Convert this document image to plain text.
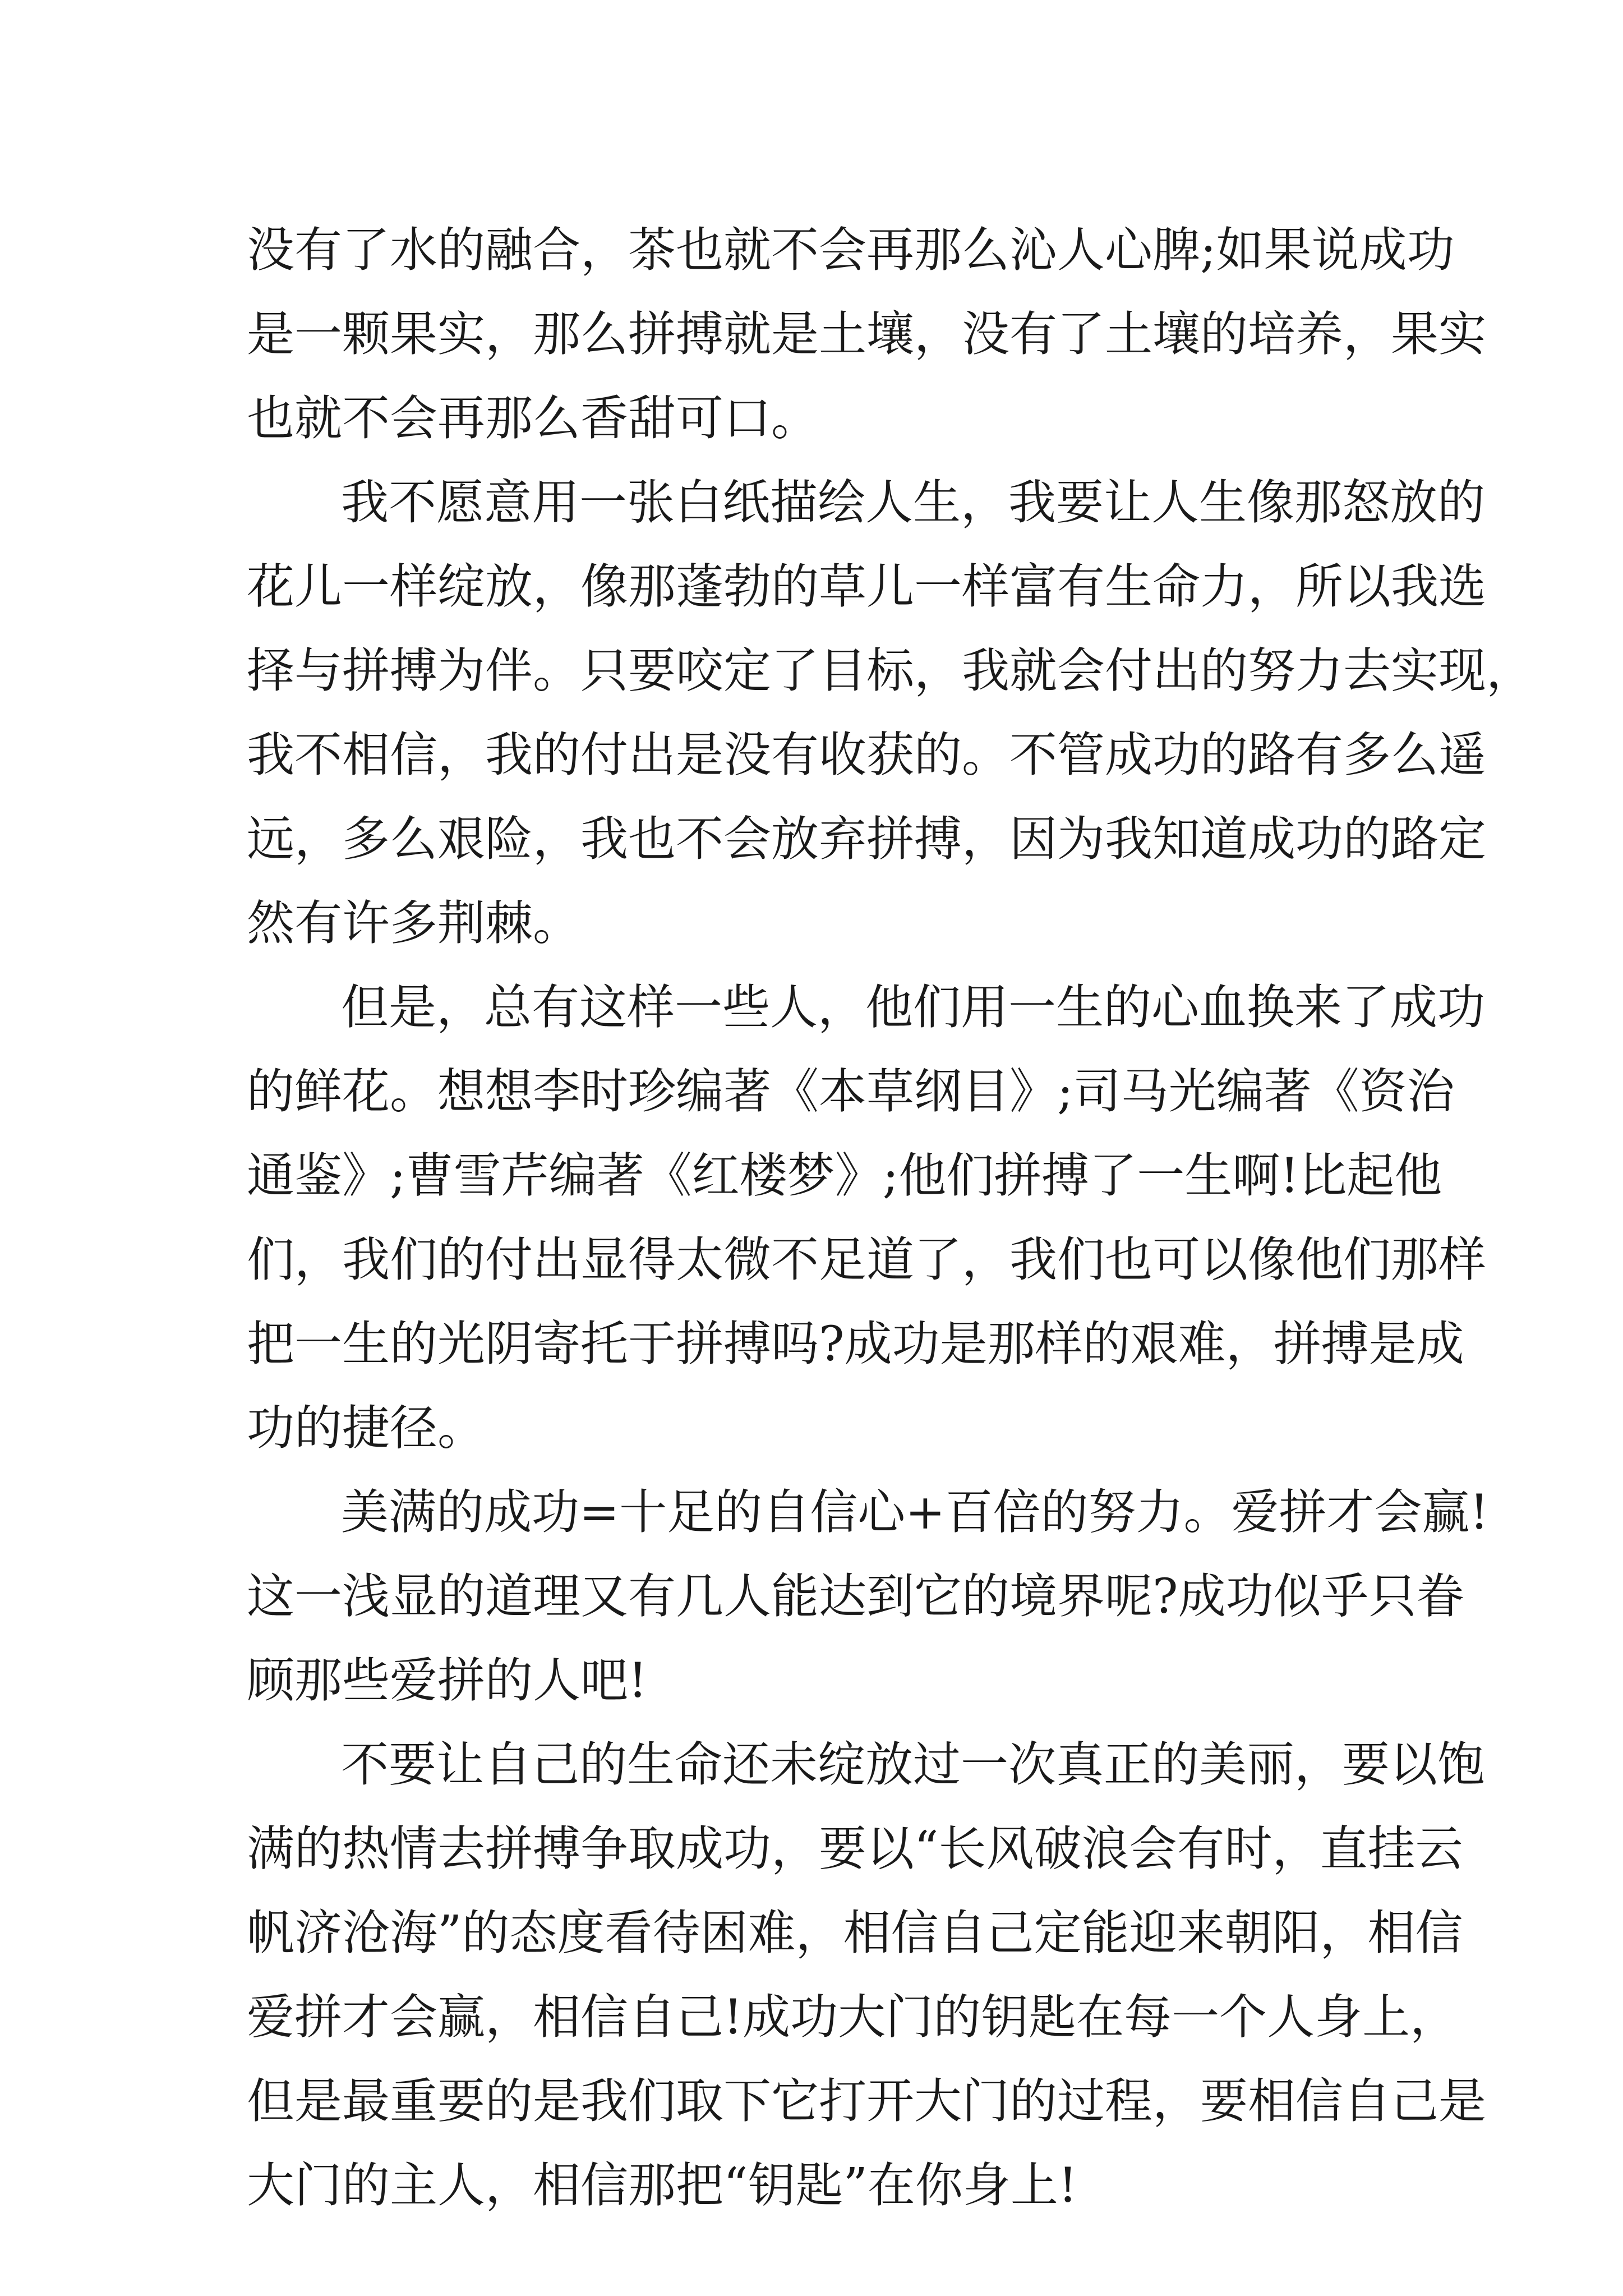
没有了水的融合，茶也就不会再那么沁人心脾;如果说成功
是一颗果实，那么拼搏就是土壤，没有了土壤的培养，果实
也就不会再那么香甜可口。
我不愿意用一张白纸描绘人生，我要让人生像那怒放的
花儿一样绽放，像那蓬勃的草儿一样富有生命力，所以我选
择与拼搏为伴。只要咬定了目标，我就会付出的努力去实现，
我不相信，我的付出是没有收获的。不管成功的路有多么遥
远，多么艰险，我也不会放弃拼搏，因为我知道成功的路定
然有许多荆棘。
但是，总有这样一些人，他们用一生的心血换来了成功
的鲜花。想想李时珍编著《本草纲目》;司马光编著《资治
通鉴》;曹雪芹编著《红楼梦》;他们拼搏了一生啊!比起他
们，我们的付出显得太微不足道了，我们也可以像他们那样
把一生的光阴寄托于拼搏吗?成功是那样的艰难，拼搏是成
功的捷径。
美满的成功=十足的自信心+百倍的努力。爱拼才会赢!
这一浅显的道理又有几人能达到它的境界呢?成功似乎只眷
顾那些爱拼的人吧!
不要让自己的生命还未绽放过一次真正的美丽，要以饱
满的热情去拼搏争取成功，要以“长风破浪会有时，直挂云
帆济沧海”的态度看待困难，相信自己定能迎来朝阳，相信
爱拼才会赢，相信自己!成功大门的钥匙在每一个人身上，
但是最重要的是我们取下它打开大门的过程，要相信自己是
大门的主人，相信那把“钥匙”在你身上!
